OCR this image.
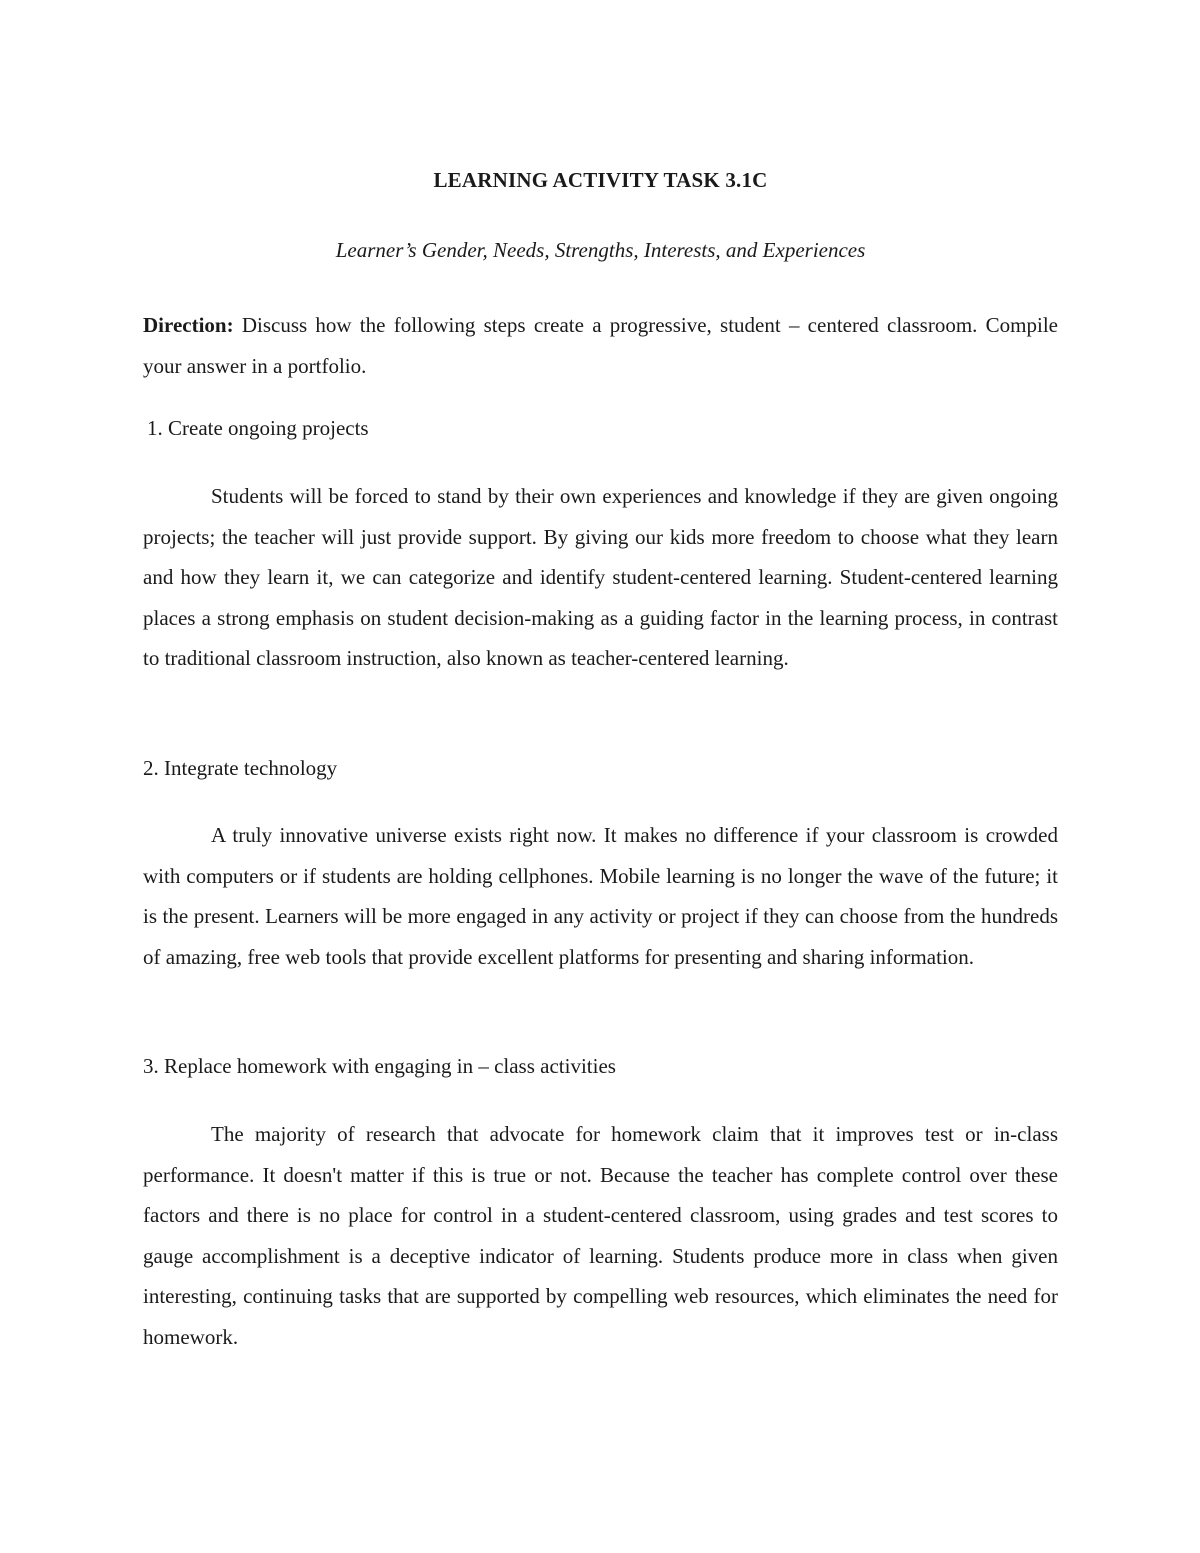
LEARNING ACTIVITY TASK 3.1C

Learner’s Gender, Needs, Strengths, Interests, and Experiences

Direction: Discuss how the following steps create a progressive, student – centered classroom. Compile your answer in a portfolio.

1. Create ongoing projects

Students will be forced to stand by their own experiences and knowledge if they are given ongoing projects; the teacher will just provide support. By giving our kids more freedom to choose what they learn and how they learn it, we can categorize and identify student-centered learning. Student-centered learning places a strong emphasis on student decision-making as a guiding factor in the learning process, in contrast to traditional classroom instruction, also known as teacher-centered learning.

2. Integrate technology

A truly innovative universe exists right now. It makes no difference if your classroom is crowded with computers or if students are holding cellphones. Mobile learning is no longer the wave of the future; it is the present. Learners will be more engaged in any activity or project if they can choose from the hundreds of amazing, free web tools that provide excellent platforms for presenting and sharing information.

3. Replace homework with engaging in – class activities

The majority of research that advocate for homework claim that it improves test or in-class performance. It doesn't matter if this is true or not. Because the teacher has complete control over these factors and there is no place for control in a student-centered classroom, using grades and test scores to gauge accomplishment is a deceptive indicator of learning. Students produce more in class when given interesting, continuing tasks that are supported by compelling web resources, which eliminates the need for homework.
